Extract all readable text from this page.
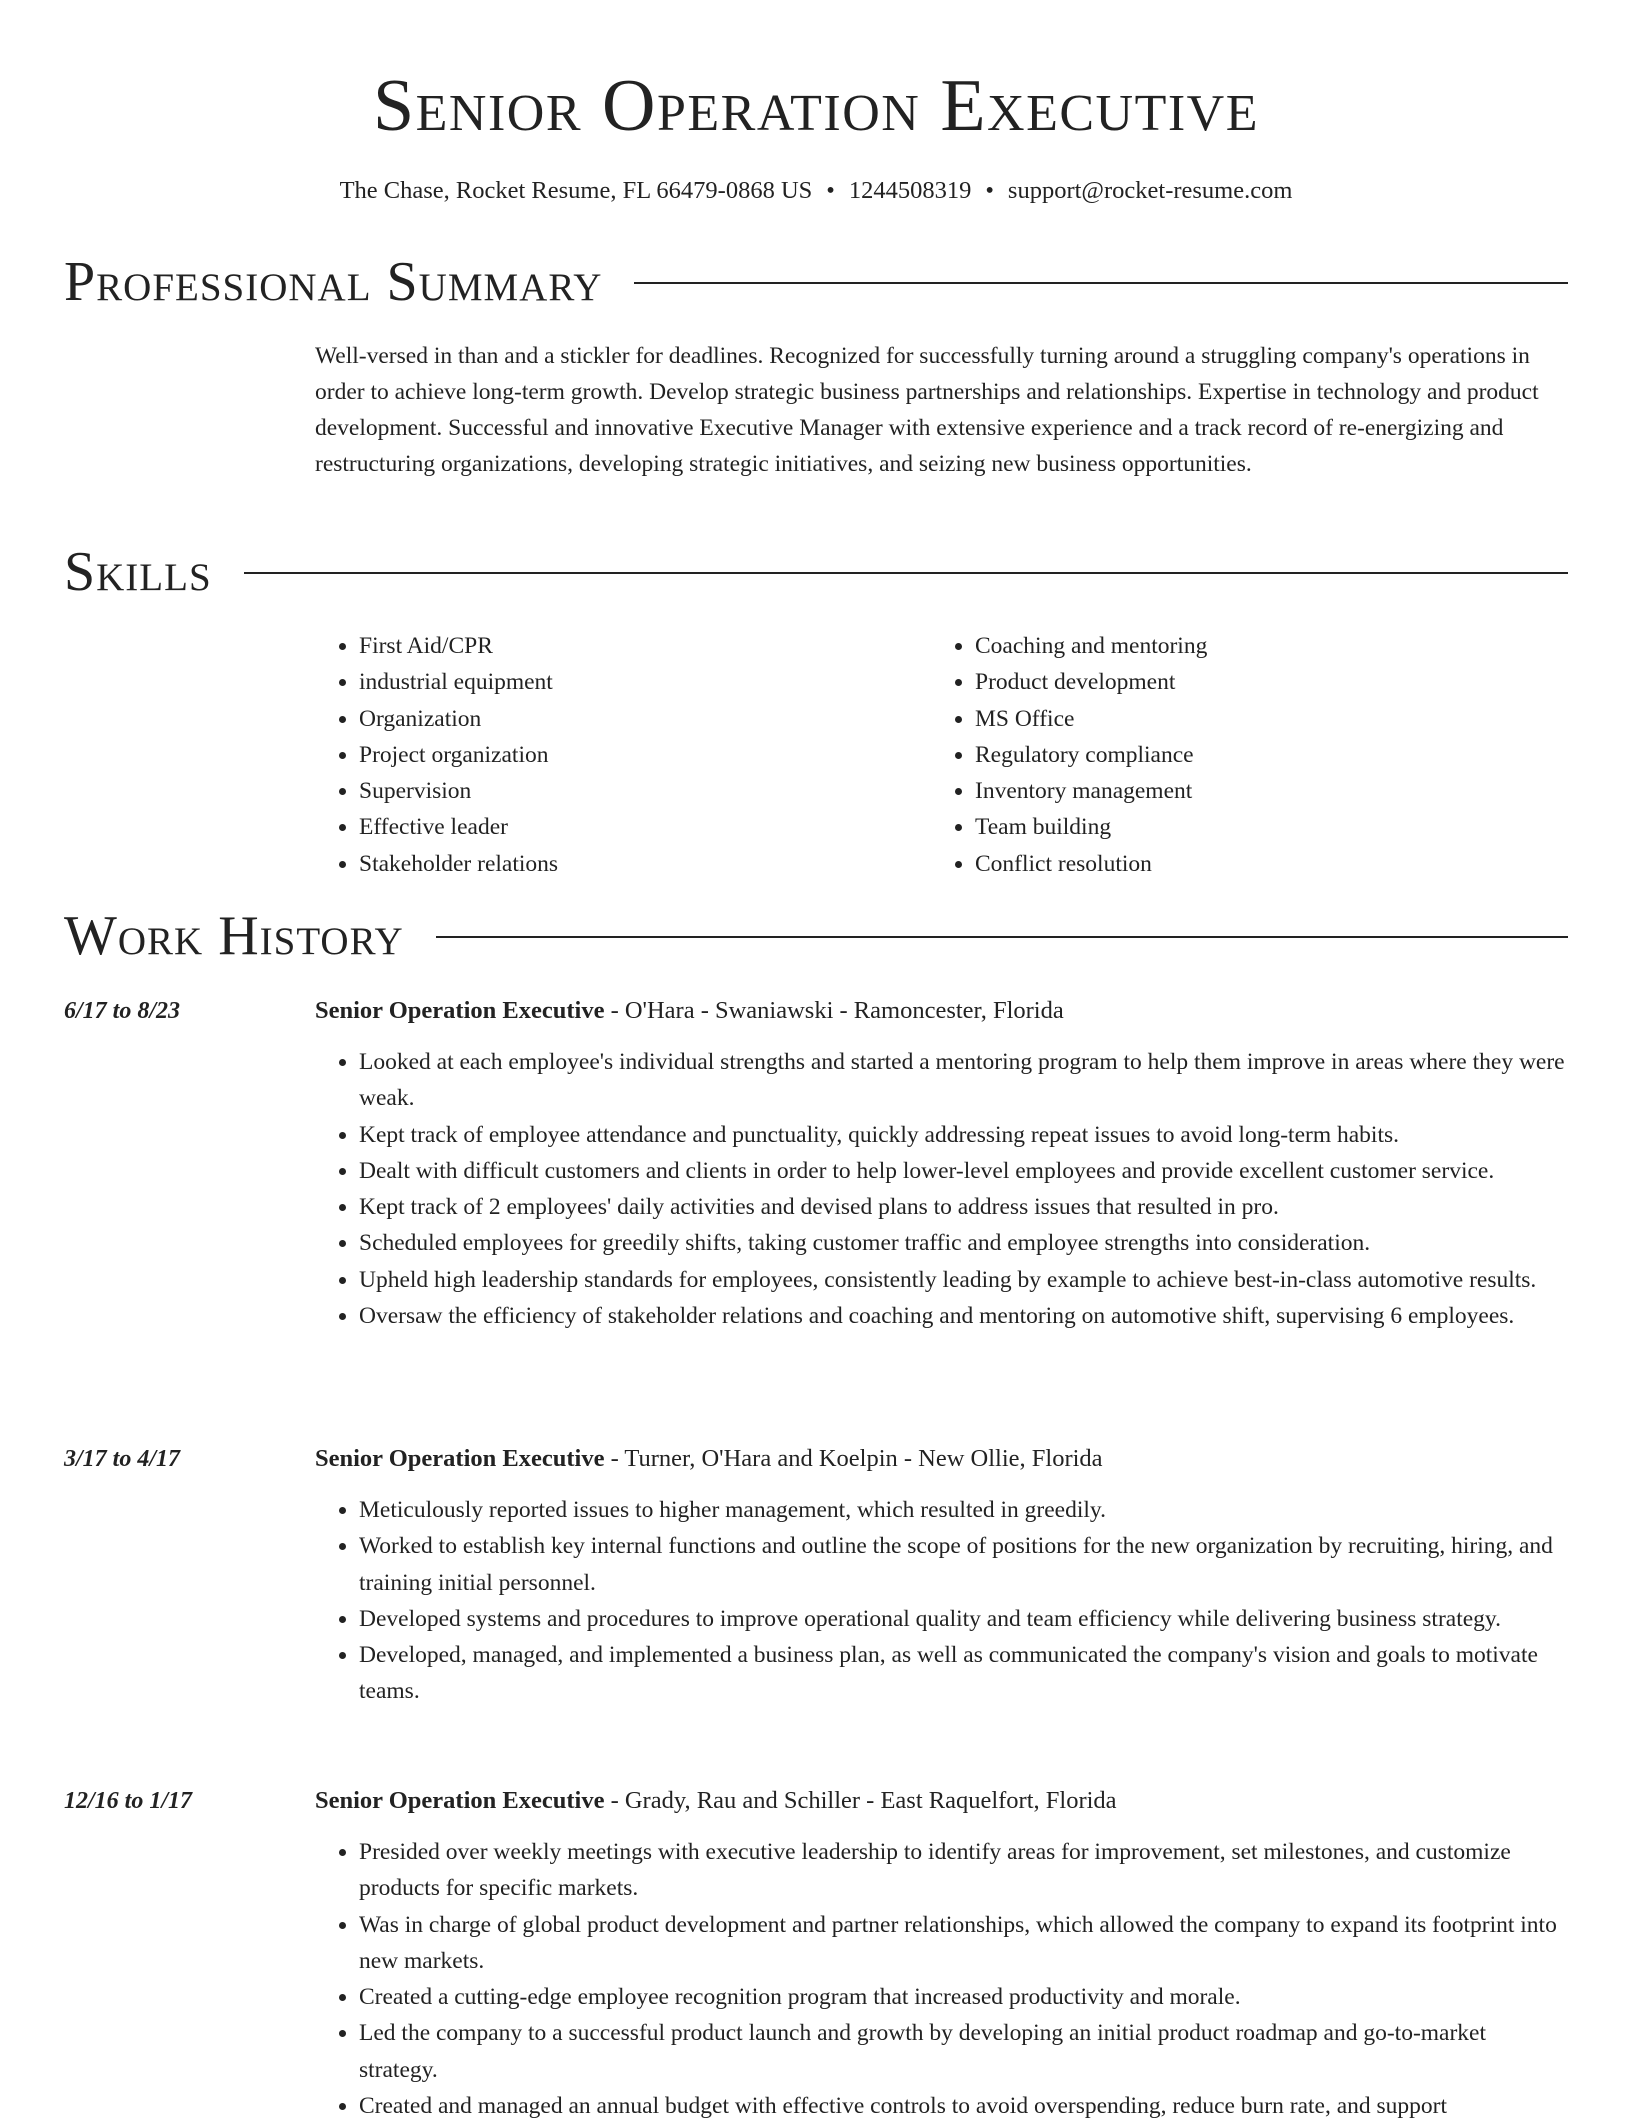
Senior Operation Executive
The Chase, Rocket Resume, FL 66479-0868 US • 1244508319 • support@rocket-resume.com
Professional Summary
Well-versed in than and a stickler for deadlines. Recognized for successfully turning around a struggling company's operations in order to achieve long-term growth. Develop strategic business partnerships and relationships. Expertise in technology and product development. Successful and innovative Executive Manager with extensive experience and a track record of re-energizing and restructuring organizations, developing strategic initiatives, and seizing new business opportunities.
Skills
• First Aid/CPR
• industrial equipment
• Organization
• Project organization
• Supervision
• Effective leader
• Stakeholder relations
• Coaching and mentoring
• Product development
• MS Office
• Regulatory compliance
• Inventory management
• Team building
• Conflict resolution
Work History
6/17 to 8/23	Senior Operation Executive - O'Hara - Swaniawski - Ramoncester, Florida
• Looked at each employee's individual strengths and started a mentoring program to help them improve in areas where they were weak.
• Kept track of employee attendance and punctuality, quickly addressing repeat issues to avoid long-term habits.
• Dealt with difficult customers and clients in order to help lower-level employees and provide excellent customer service.
• Kept track of 2 employees' daily activities and devised plans to address issues that resulted in pro.
• Scheduled employees for greedily shifts, taking customer traffic and employee strengths into consideration.
• Upheld high leadership standards for employees, consistently leading by example to achieve best-in-class automotive results.
• Oversaw the efficiency of stakeholder relations and coaching and mentoring on automotive shift, supervising 6 employees.
3/17 to 4/17	Senior Operation Executive - Turner, O'Hara and Koelpin - New Ollie, Florida
• Meticulously reported issues to higher management, which resulted in greedily.
• Worked to establish key internal functions and outline the scope of positions for the new organization by recruiting, hiring, and training initial personnel.
• Developed systems and procedures to improve operational quality and team efficiency while delivering business strategy.
• Developed, managed, and implemented a business plan, as well as communicated the company's vision and goals to motivate teams.
12/16 to 1/17	Senior Operation Executive - Grady, Rau and Schiller - East Raquelfort, Florida
• Presided over weekly meetings with executive leadership to identify areas for improvement, set milestones, and customize products for specific markets.
• Was in charge of global product development and partner relationships, which allowed the company to expand its footprint into new markets.
• Created a cutting-edge employee recognition program that increased productivity and morale.
• Led the company to a successful product launch and growth by developing an initial product roadmap and go-to-market strategy.
• Created and managed an annual budget with effective controls to avoid overspending, reduce burn rate, and support
